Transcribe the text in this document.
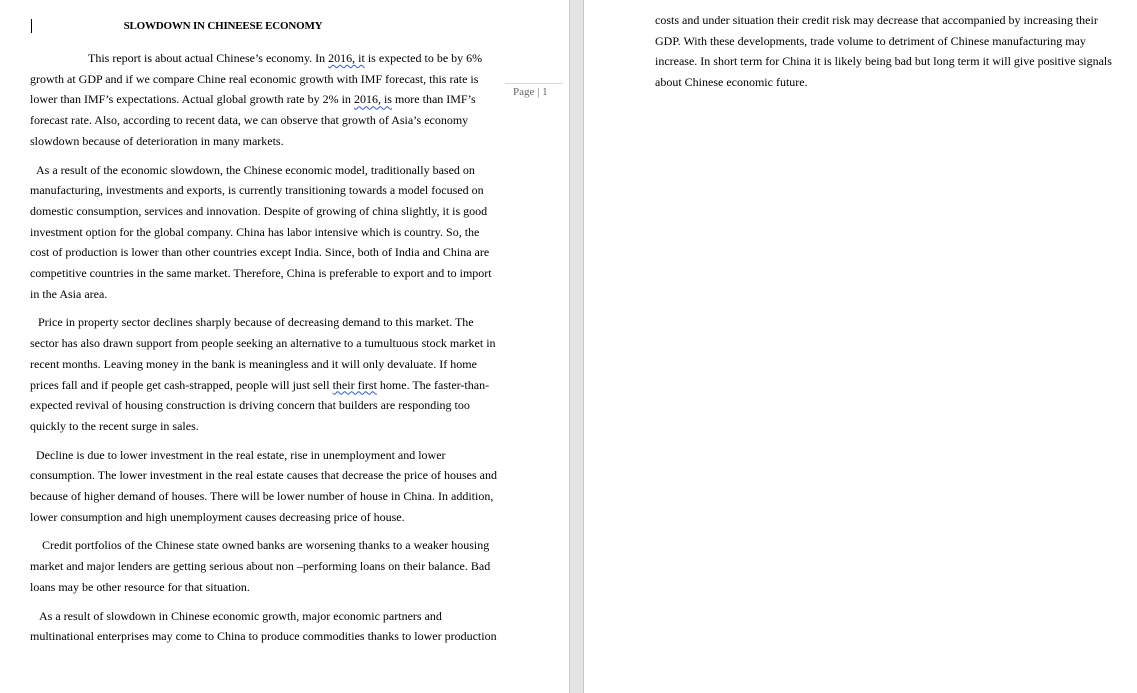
SLOWDOWN IN CHINEESE ECONOMY

This report is about actual Chinese’s economy. In 2016, it is expected to be by 6% growth at GDP and if we compare Chine real economic growth with IMF forecast, this rate is lower than IMF’s expectations. Actual global growth rate by 2% in 2016, is more than IMF’s forecast rate. Also, according to recent data, we can observe that growth of Asia’s economy slowdown because of deterioration in many markets.

As a result of the economic slowdown, the Chinese economic model, traditionally based on manufacturing, investments and exports, is currently transitioning towards a model focused on domestic consumption, services and innovation. Despite of growing of china slightly, it is good investment option for the global company. China has labor intensive which is country. So, the cost of production is lower than other countries except India. Since, both of India and China are competitive countries in the same market. Therefore, China is preferable to export and to import in the Asia area.

Price in property sector declines sharply because of decreasing demand to this market. The sector has also drawn support from people seeking an alternative to a tumultuous stock market in recent months. Leaving money in the bank is meaningless and it will only devaluate. If home prices fall and if people get cash-strapped, people will just sell their first home. The faster-than-expected revival of housing construction is driving concern that builders are responding too quickly to the recent surge in sales.

Decline is due to lower investment in the real estate, rise in unemployment and lower consumption. The lower investment in the real estate causes that decrease the price of houses and because of higher demand of houses. There will be lower number of house in China. In addition, lower consumption and high unemployment causes decreasing price of house.

Credit portfolios of the Chinese state owned banks are worsening thanks to a weaker housing market and major lenders are getting serious about non –performing loans on their balance. Bad loans may be other resource for that situation.

As a result of slowdown in Chinese economic growth, major economic partners and multinational enterprises may come to China to produce commodities thanks to lower production

Page | 1

costs and under situation their credit risk may decrease that accompanied by increasing their GDP. With these developments, trade volume to detriment of Chinese manufacturing may increase. In short term for China it is likely being bad but long term it will give positive signals about Chinese economic future.
